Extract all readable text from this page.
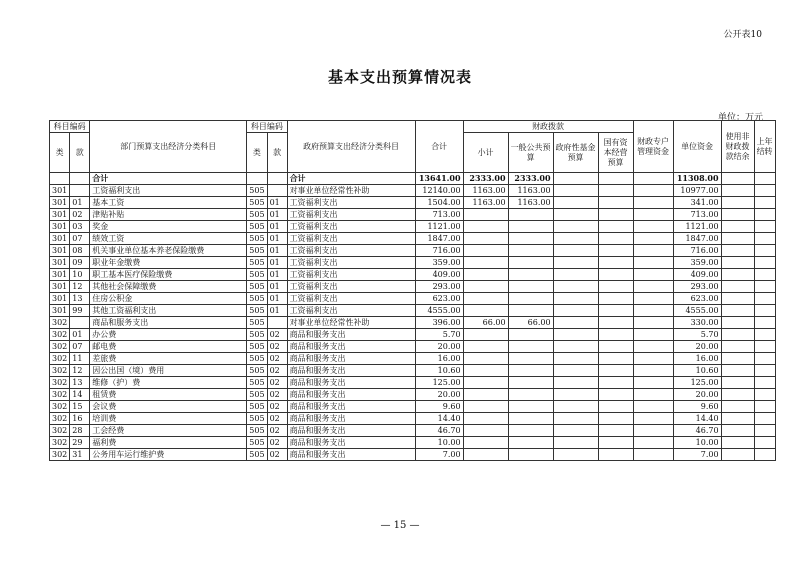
公开表10
基本支出预算情况表
单位：万元
科目编码		部门预算支出经济分类科目	科目编码		政府预算支出经济分类科目	合计	财政拨款				财政专户管理资金	单位资金	使用非财政拨款结余	上年结转
类	款		类	款			小计	一般公共预算	政府性基金预算	国有资本经营预算				
		合计			合计	13641.00	2333.00	2333.00				11308.00		
301		工资福利支出	505		对事业单位经常性补助	12140.00	1163.00	1163.00				10977.00		
301	01	基本工资	505	01	工资福利支出	1504.00	1163.00	1163.00				341.00		
301	02	津贴补贴	505	01	工资福利支出	713.00						713.00		
301	03	奖金	505	01	工资福利支出	1121.00						1121.00		
301	07	绩效工资	505	01	工资福利支出	1847.00						1847.00		
301	08	机关事业单位基本养老保险缴费	505	01	工资福利支出	716.00						716.00		
301	09	职业年金缴费	505	01	工资福利支出	359.00						359.00		
301	10	职工基本医疗保险缴费	505	01	工资福利支出	409.00						409.00		
301	12	其他社会保障缴费	505	01	工资福利支出	293.00						293.00		
301	13	住房公积金	505	01	工资福利支出	623.00						623.00		
301	99	其他工资福利支出	505	01	工资福利支出	4555.00						4555.00		
302		商品和服务支出	505		对事业单位经常性补助	396.00	66.00	66.00				330.00		
302	01	办公费	505	02	商品和服务支出	5.70						5.70		
302	07	邮电费	505	02	商品和服务支出	20.00						20.00		
302	11	差旅费	505	02	商品和服务支出	16.00						16.00		
302	12	因公出国（境）费用	505	02	商品和服务支出	10.60						10.60		
302	13	维修（护）费	505	02	商品和服务支出	125.00						125.00		
302	14	租赁费	505	02	商品和服务支出	20.00						20.00		
302	15	会议费	505	02	商品和服务支出	9.60						9.60		
302	16	培训费	505	02	商品和服务支出	14.40						14.40		
302	28	工会经费	505	02	商品和服务支出	46.70						46.70		
302	29	福利费	505	02	商品和服务支出	10.00						10.00		
302	31	公务用车运行维护费	505	02	商品和服务支出	7.00						7.00		
— 15 —
